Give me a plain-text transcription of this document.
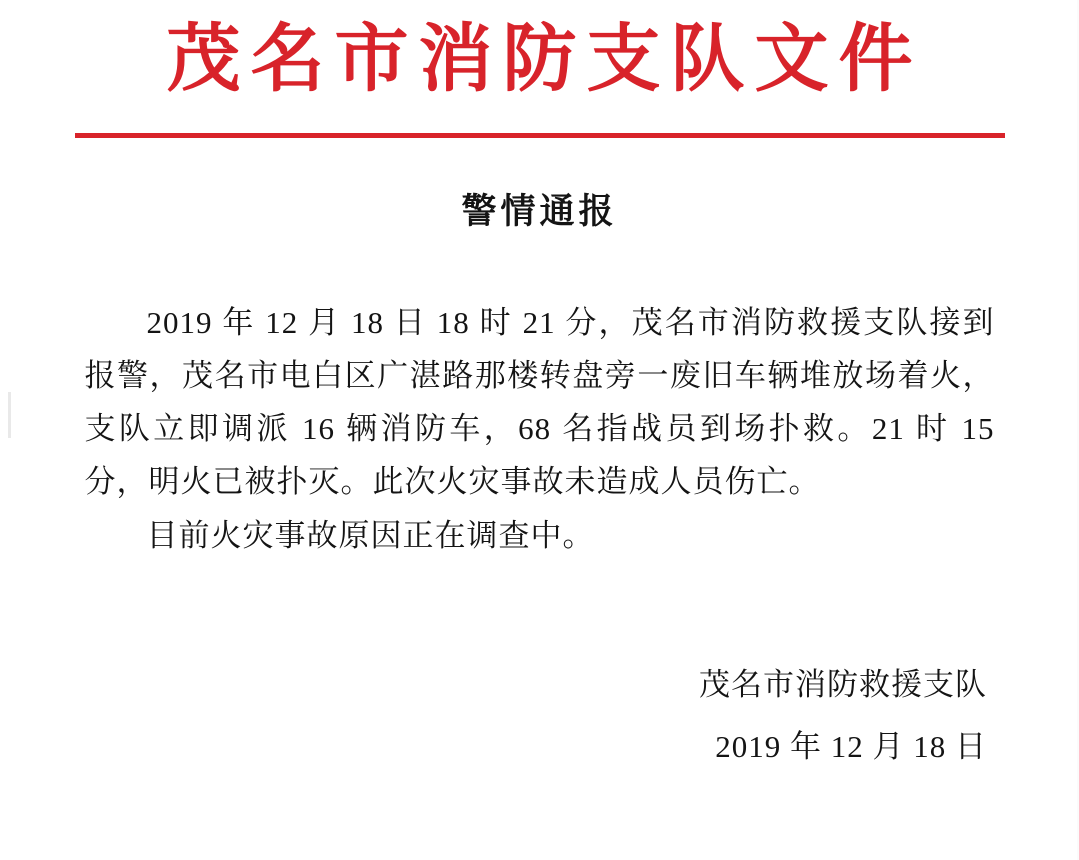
茂名市消防支队文件
警情通报

2019 年 12 月 18 日 18 时 21 分，茂名市消防救援支队接到报警，茂名市电白区广湛路那楼转盘旁一废旧车辆堆放场着火，支队立即调派 16 辆消防车，68 名指战员到场扑救。21 时 15 分，明火已被扑灭。此次火灾事故未造成人员伤亡。

目前火灾事故原因正在调查中。

茂名市消防救援支队
2019 年 12 月 18 日
